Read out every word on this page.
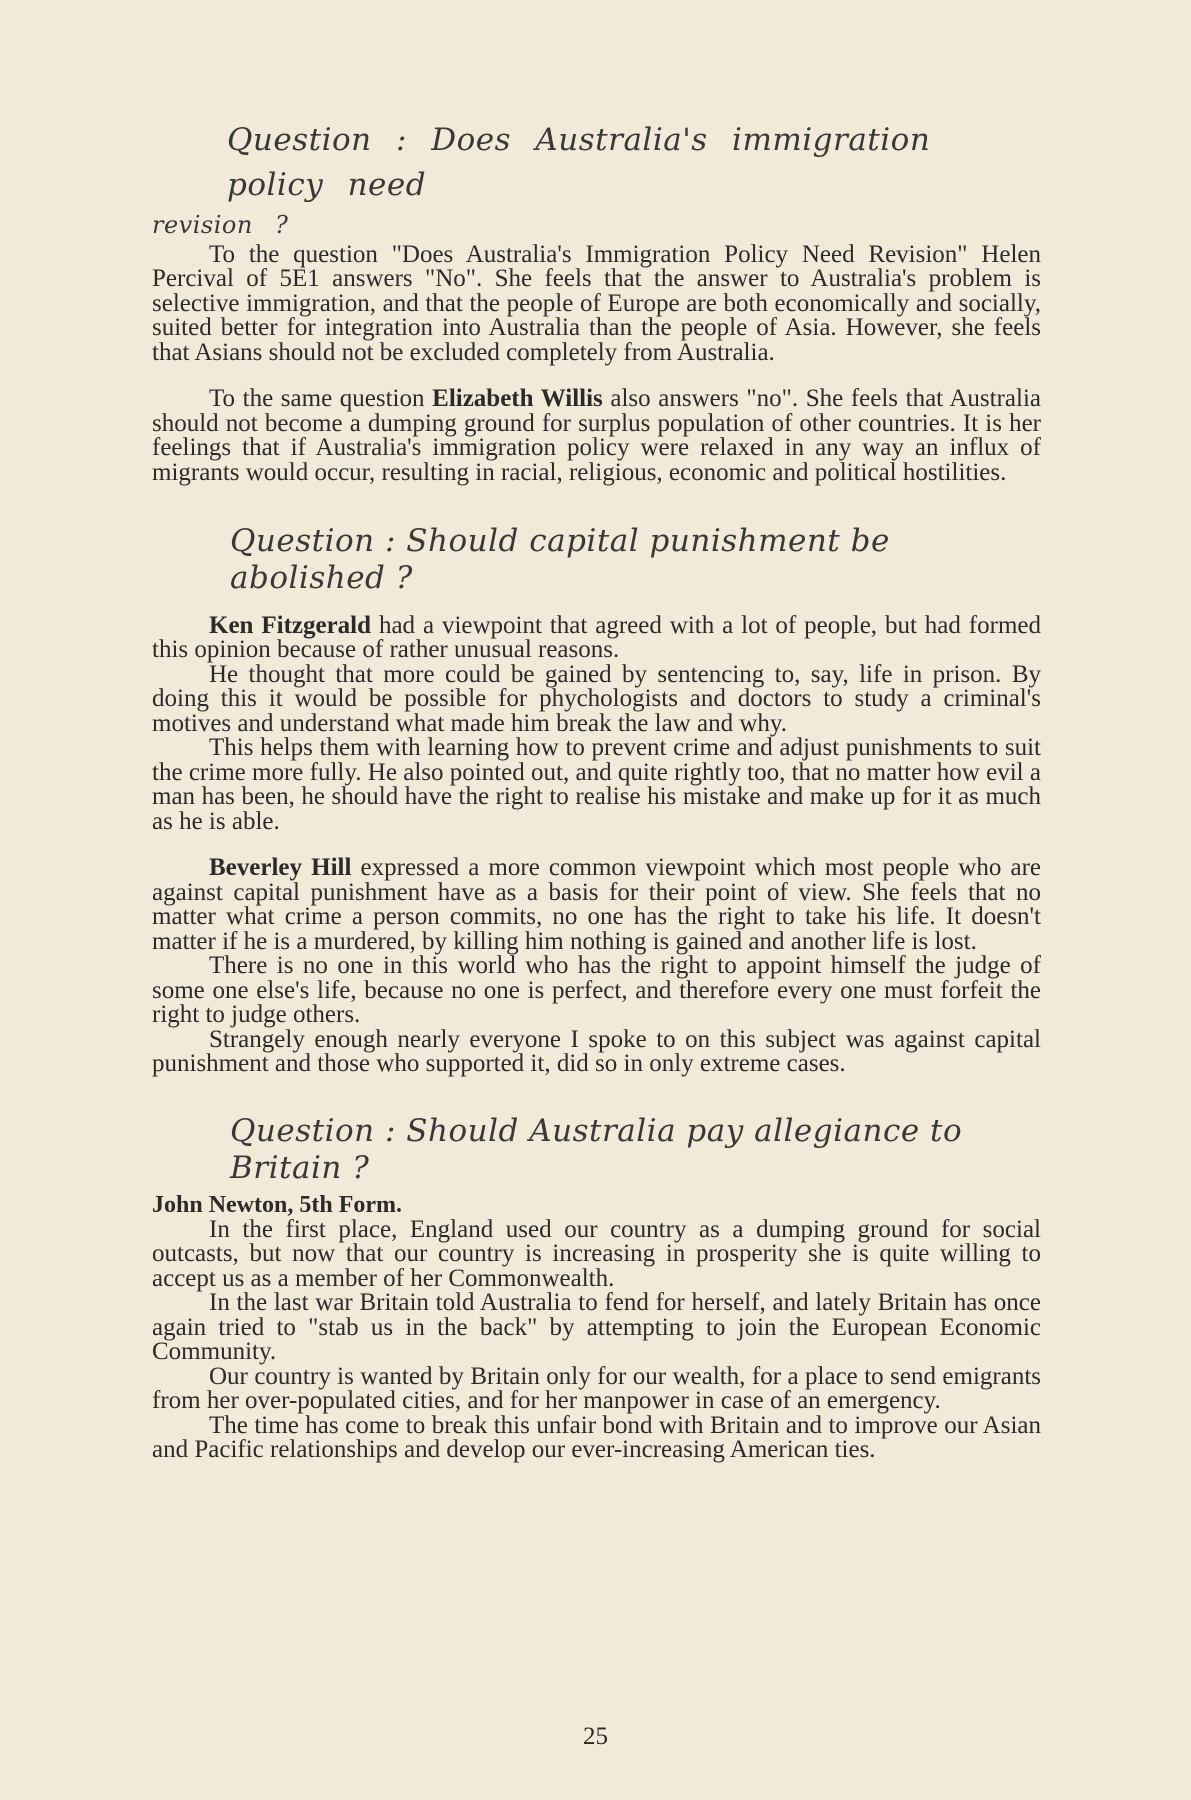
Question : Does Australia's immigration policy need
revision ?

To the question "Does Australia's Immigration Policy Need Revision" Helen Percival of 5E1 answers "No". She feels that the answer to Australia's problem is selective immigration, and that the people of Europe are both economically and socially, suited better for integration into Australia than the people of Asia. However, she feels that Asians should not be excluded completely from Australia.

To the same question Elizabeth Willis also answers "no". She feels that Australia should not become a dumping ground for surplus population of other countries. It is her feelings that if Australia's immigration policy were relaxed in any way an influx of migrants would occur, resulting in racial, religious, economic and political hostilities.

Question : Should capital punishment be abolished ?

Ken Fitzgerald had a viewpoint that agreed with a lot of people, but had formed this opinion because of rather unusual reasons.

He thought that more could be gained by sentencing to, say, life in prison. By doing this it would be possible for phychologists and doctors to study a criminal's motives and understand what made him break the law and why.

This helps them with learning how to prevent crime and adjust punishments to suit the crime more fully. He also pointed out, and quite rightly too, that no matter how evil a man has been, he should have the right to realise his mistake and make up for it as much as he is able.

Beverley Hill expressed a more common viewpoint which most people who are against capital punishment have as a basis for their point of view. She feels that no matter what crime a person commits, no one has the right to take his life. It doesn't matter if he is a murdered, by killing him nothing is gained and another life is lost.

There is no one in this world who has the right to appoint himself the judge of some one else's life, because no one is perfect, and therefore every one must forfeit the right to judge others.

Strangely enough nearly everyone I spoke to on this subject was against capital punishment and those who supported it, did so in only extreme cases.

Question : Should Australia pay allegiance to Britain ?
John Newton, 5th Form.

In the first place, England used our country as a dumping ground for social outcasts, but now that our country is increasing in prosperity she is quite willing to accept us as a member of her Commonwealth.

In the last war Britain told Australia to fend for herself, and lately Britain has once again tried to "stab us in the back" by attempting to join the European Economic Community.

Our country is wanted by Britain only for our wealth, for a place to send emigrants from her over-populated cities, and for her manpower in case of an emergency.

The time has come to break this unfair bond with Britain and to improve our Asian and Pacific relationships and develop our ever-increasing American ties.

25
